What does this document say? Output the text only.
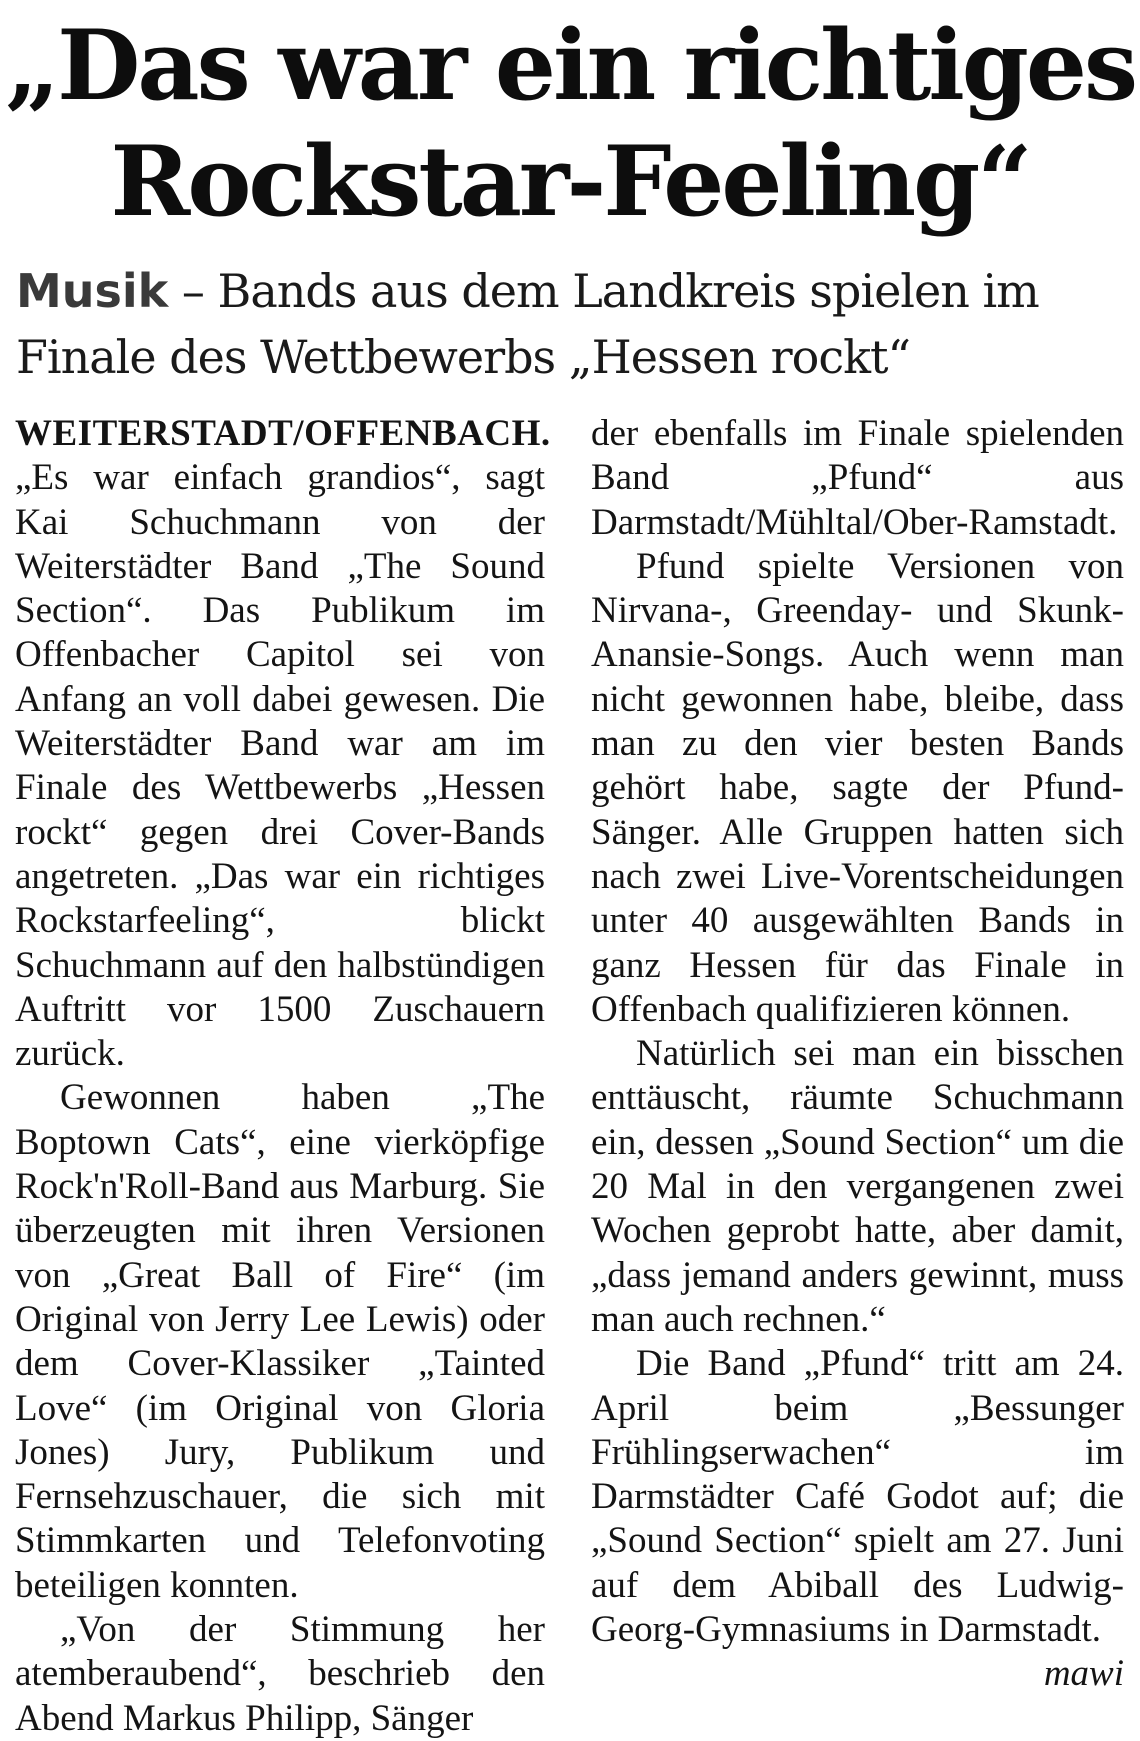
„Das war ein richtiges
Rockstar-Feeling“
Musik – Bands aus dem Landkreis spielen im Finale des Wettbewerbs „Hessen rockt“

WEITERSTADT/OFFENBACH.

„Es war einfach grandios“, sagt Kai Schuchmann von der Weiterstädter Band „The Sound Section“. Das Publikum im Offenbacher Capitol sei von Anfang an voll dabei gewesen. Die Weiterstädter Band war am im Finale des Wettbewerbs „Hessen rockt“ gegen drei Cover-Bands angetreten. „Das war ein richtiges Rockstarfeeling“, blickt Schuchmann auf den halbstündigen Auftritt vor 1500 Zuschauern zurück.

Gewonnen haben „The Boptown Cats“, eine vierköpfige Rock'n'Roll-Band aus Marburg. Sie überzeugten mit ihren Versionen von „Great Ball of Fire“ (im Original von Jerry Lee Lewis) oder dem Cover-Klassiker „Tainted Love“ (im Original von Gloria Jones) Jury, Publikum und Fernsehzuschauer, die sich mit Stimmkarten und Telefonvoting beteiligen konnten.

„Von der Stimmung her atemberaubend“, beschrieb den Abend Markus Philipp, Sänger

der ebenfalls im Finale spielenden Band „Pfund“ aus Darmstadt/Mühltal/Ober-Ramstadt.

Pfund spielte Versionen von Nirvana-, Greenday- und Skunk-Anansie-Songs. Auch wenn man nicht gewonnen habe, bleibe, dass man zu den vier besten Bands gehört habe, sagte der Pfund-Sänger. Alle Gruppen hatten sich nach zwei Live-Vorentscheidungen unter 40 ausgewählten Bands in ganz Hessen für das Finale in Offenbach qualifizieren können.

Natürlich sei man ein bisschen enttäuscht, räumte Schuchmann ein, dessen „Sound Section“ um die 20 Mal in den vergangenen zwei Wochen geprobt hatte, aber damit, „dass jemand anders gewinnt, muss man auch rechnen.“

Die Band „Pfund“ tritt am 24. April beim „Bessunger Frühlingserwachen“ im Darmstädter Café Godot auf; die „Sound Section“ spielt am 27. Juni auf dem Abiball des Ludwig-Georg-Gymnasiums in Darmstadt.
mawi
